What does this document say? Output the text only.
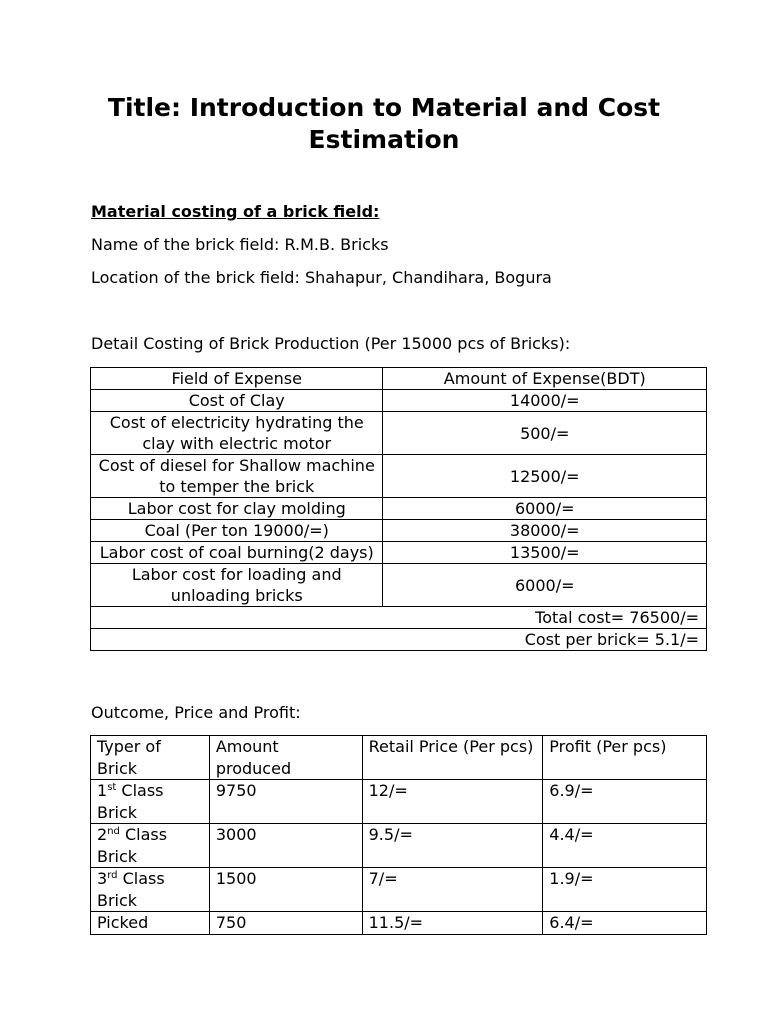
Title: Introduction to Material and Cost Estimation

Material costing of a brick field:

Name of the brick field: R.M.B. Bricks

Location of the brick field: Shahapur, Chandihara, Bogura

Detail Costing of Brick Production (Per 15000 pcs of Bricks):

Field of Expense	Amount of Expense(BDT)
Cost of Clay	14000/=
Cost of electricity hydrating the clay with electric motor	500/=
Cost of diesel for Shallow machine to temper the brick	12500/=
Labor cost for clay molding	6000/=
Coal (Per ton 19000/=)	38000/=
Labor cost of coal burning(2 days)	13500/=
Labor cost for loading and unloading bricks	6000/=
Total cost= 76500/=	
Cost per brick= 5.1/=	

Outcome, Price and Profit:

Typer of Brick	Amount produced	Retail Price (Per pcs)	Profit (Per pcs)
1st Class Brick	9750	12/=	6.9/=
2nd Class Brick	3000	9.5/=	4.4/=
3rd Class Brick	1500	7/=	1.9/=
Picked	750	11.5/=	6.4/=
